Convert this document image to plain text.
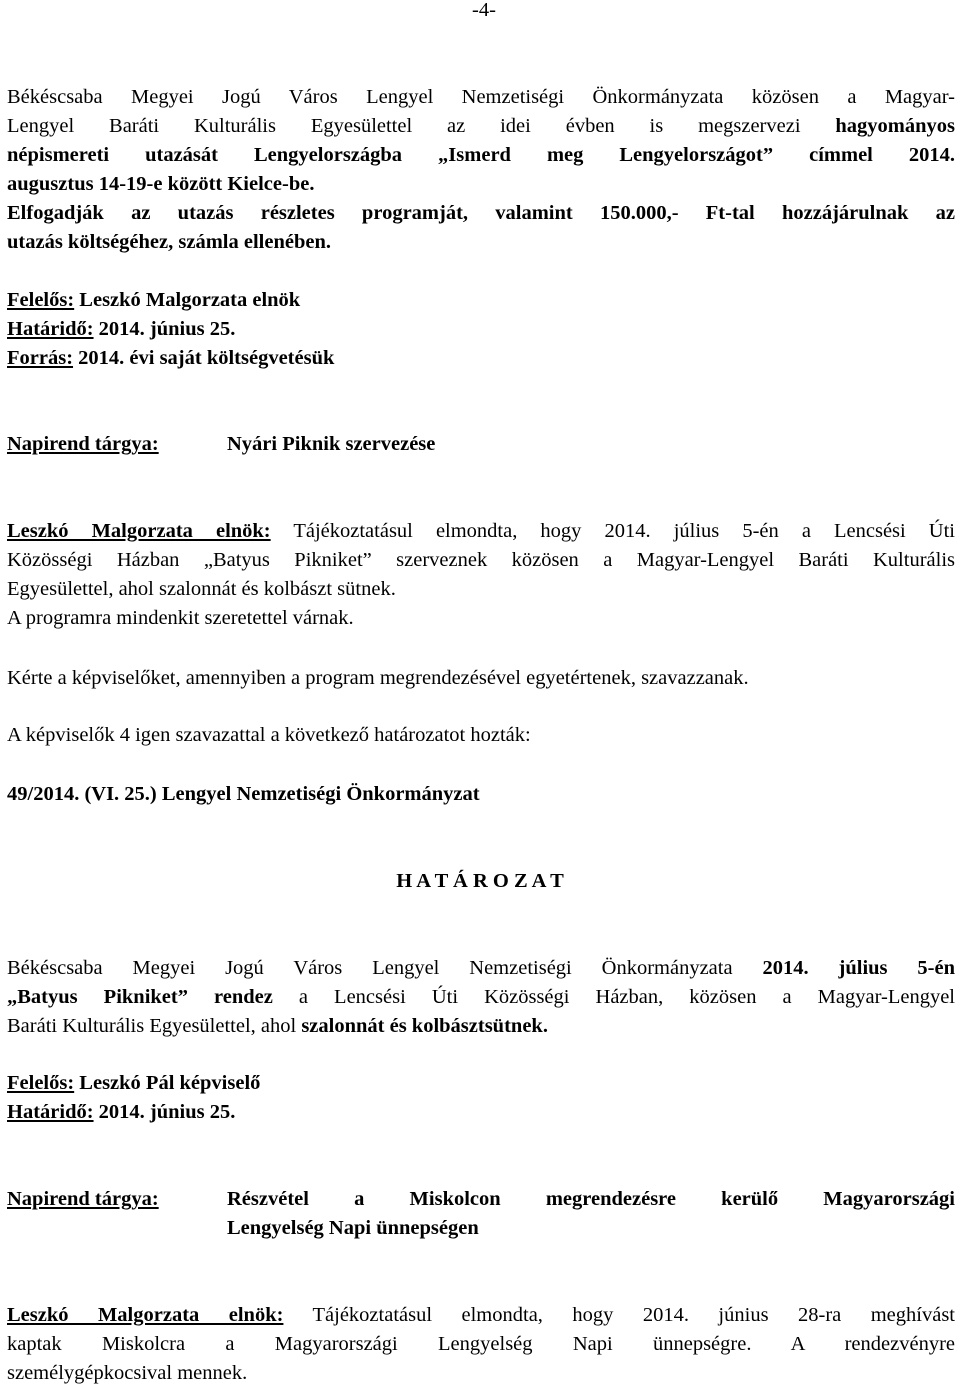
-4-

Békéscsaba Megyei Jogú Város Lengyel Nemzetiségi Önkormányzata közösen a Magyar-

Lengyel Baráti Kulturális Egyesülettel az idei évben is megszervezi hagyományos

népismereti utazását Lengyelországba „Ismerd meg Lengyelországot” címmel 2014.

augusztus 14-19-e között Kielce-be.

Elfogadják az utazás részletes programját, valamint 150.000,- Ft-tal hozzájárulnak az

utazás költségéhez, számla ellenében.

Felelős: Leszkó Malgorzata elnök

Határidő: 2014. június 25.

Forrás: 2014. évi saját költségvetésük

Napirend tárgya:	Nyári Piknik szervezése

Leszkó Malgorzata elnök: Tájékoztatásul elmondta, hogy 2014. július 5-én a Lencsési Úti

Közösségi Házban „Batyus Pikniket” szerveznek közösen a Magyar-Lengyel Baráti Kulturális

Egyesülettel, ahol szalonnát és kolbászt sütnek.

A programra mindenkit szeretettel várnak.

Kérte a képviselőket, amennyiben a program megrendezésével egyetértenek, szavazzanak.

A képviselők 4 igen szavazattal a következő határozatot hozták:

49/2014. (VI. 25.) Lengyel Nemzetiségi Önkormányzat

H A T Á R O Z A T

Békéscsaba Megyei Jogú Város Lengyel Nemzetiségi Önkormányzata 2014. július 5-én

„Batyus Pikniket” rendez a Lencsési Úti Közösségi Házban, közösen a Magyar-Lengyel

Baráti Kulturális Egyesülettel, ahol szalonnát és kolbásztsütnek.

Felelős: Leszkó Pál képviselő

Határidő: 2014. június 25.

Napirend tárgya:	Részvétel a Miskolcon megrendezésre kerülő Magyarországi

Lengyelség Napi ünnepségen

Leszkó Malgorzata elnök: Tájékoztatásul elmondta, hogy 2014. június 28-ra meghívást

kaptak Miskolcra a Magyarországi Lengyelség Napi ünnepségre. A rendezvényre

személygépkocsival mennek.
